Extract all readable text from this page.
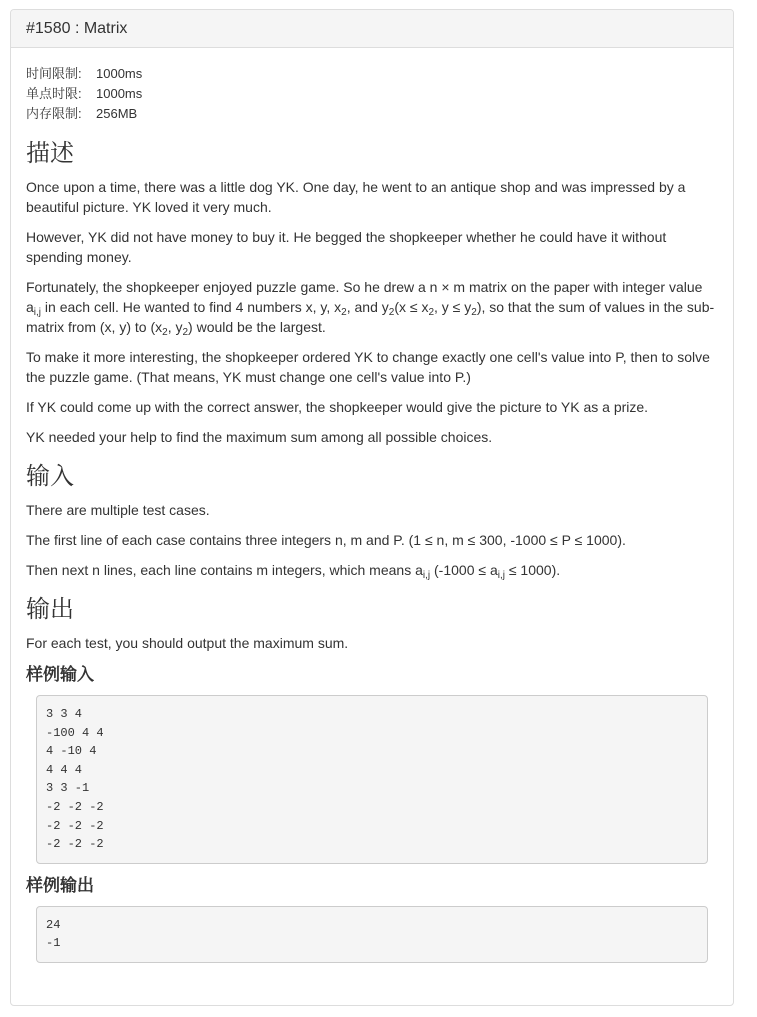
#1580 : Matrix
时间限制: 1000ms
单点时限: 1000ms
内存限制: 256MB
描述

Once upon a time, there was a little dog YK. One day, he went to an antique shop and was impressed by a beautiful picture. YK loved it very much.

However, YK did not have money to buy it. He begged the shopkeeper whether he could have it without spending money.

Fortunately, the shopkeeper enjoyed puzzle game. So he drew a n × m matrix on the paper with integer value $a_{i,j}$ in each cell. He wanted to find 4 numbers x, y, $x_2$, and $y_2(x \le x_2$, $y \le y_2$), so that the sum of values in the sub-matrix from (x, y) to ($x_2$, $y_2$) would be the largest.

To make it more interesting, the shopkeeper ordered YK to change exactly one cell's value into P, then to solve the puzzle game. (That means, YK must change one cell's value into P.)

If YK could come up with the correct answer, the shopkeeper would give the picture to YK as a prize.

YK needed your help to find the maximum sum among all possible choices.

输入

There are multiple test cases.

The first line of each case contains three integers n, m and P. (1 ≤ n, m ≤ 300, -1000 ≤ P ≤ 1000).

Then next n lines, each line contains m integers, which means $a_{i,j}$ $(-1000 \le a_{i,j} \le 1000)$.

输出

For each test, you should output the maximum sum.

样例输入
3 3 4
-100 4 4
4 -10 4
4 4 4
3 3 -1
-2 -2 -2
-2 -2 -2
-2 -2 -2
样例输出
24
-1
